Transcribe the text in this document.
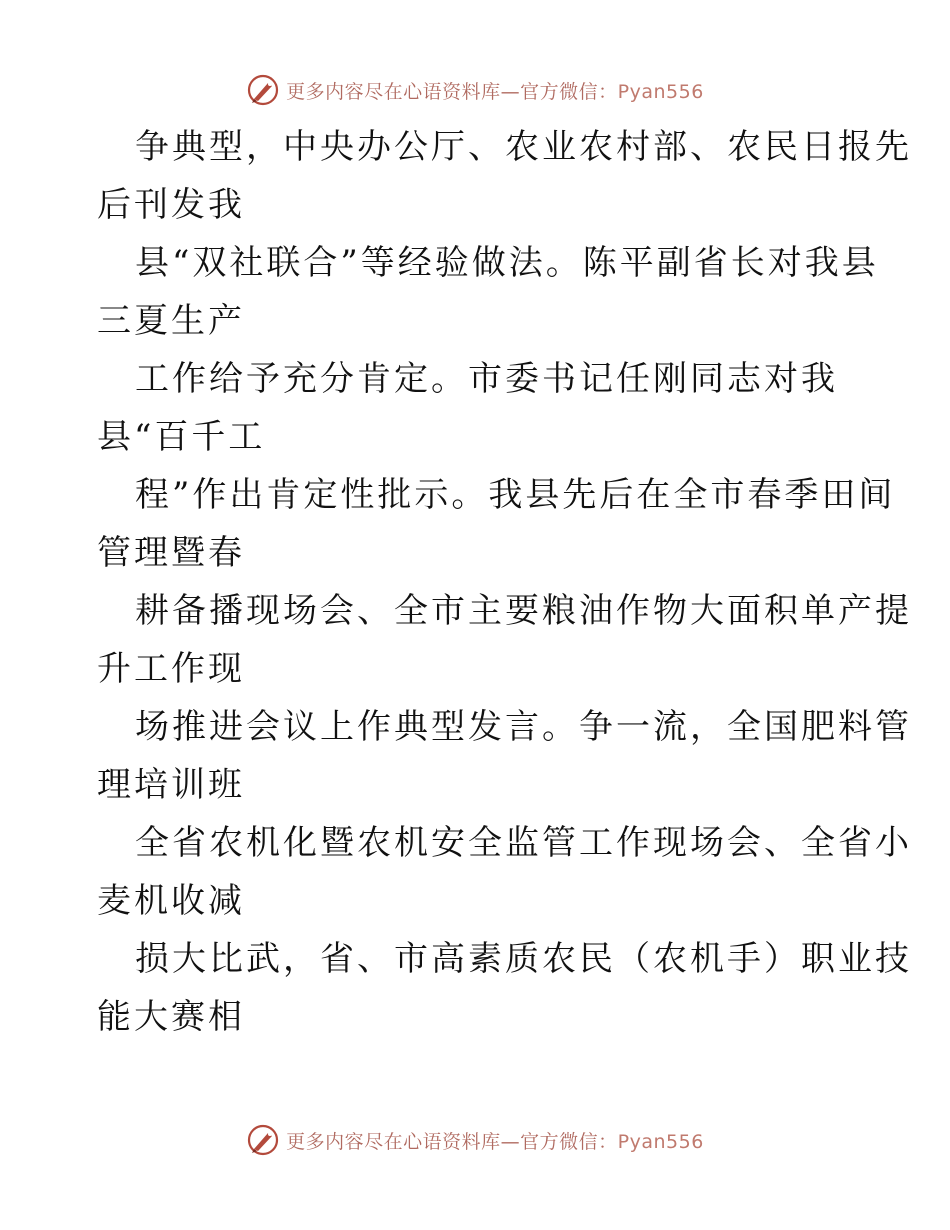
更多内容尽在心语资料库—官方微信：Pyan556
争典型，中央办公厅、农业农村部、农民日报先
后刊发我
县“双社联合”等经验做法。陈平副省长对我县
三夏生产
工作给予充分肯定。市委书记任刚同志对我
县“百千工
程”作出肯定性批示。我县先后在全市春季田间
管理暨春
耕备播现场会、全市主要粮油作物大面积单产提
升工作现
场推进会议上作典型发言。争一流，全国肥料管
理培训班
全省农机化暨农机安全监管工作现场会、全省小
麦机收减
损大比武，省、市高素质农民（农机手）职业技
能大赛相
更多内容尽在心语资料库—官方微信：Pyan556
